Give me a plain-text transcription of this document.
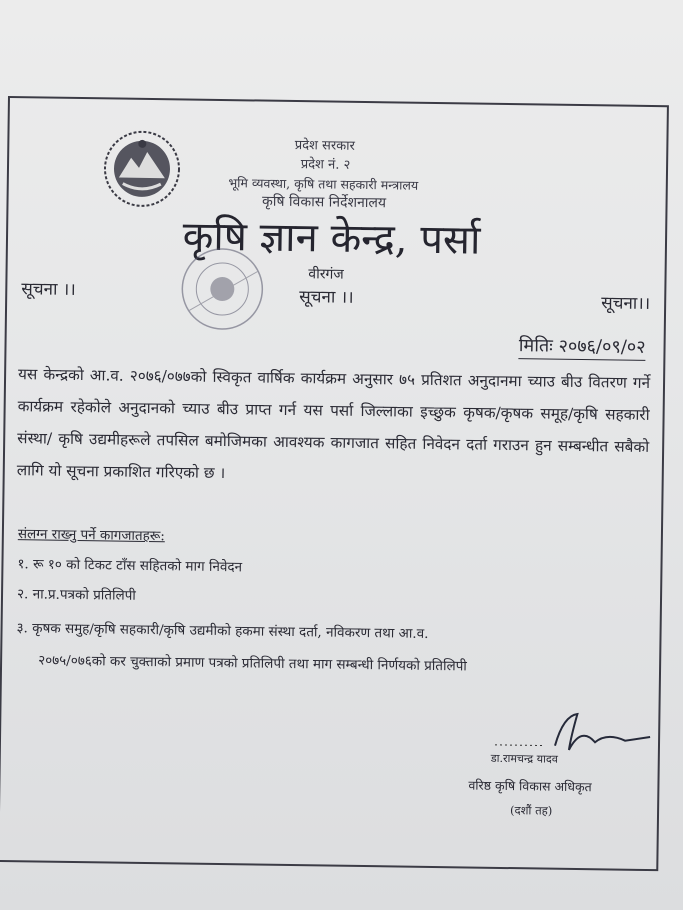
प्रदेश सरकार
प्रदेश नं. २
भूमि व्यवस्था, कृषि तथा सहकारी मन्त्रालय
कृषि विकास निर्देशनालय
कृषि ज्ञान केन्द्र, पर्सा
वीरगंज
सूचना ।।	सूचना ।।	सूचना।।
मितिः २०७६/०९/०२
यस केन्द्रको आ.व. २०७६/०७७को स्विकृत वार्षिक कार्यक्रम अनुसार ७५ प्रतिशत अनुदानमा च्याउ बीउ वितरण गर्ने कार्यक्रम रहेकोले अनुदानको च्याउ बीउ प्राप्त गर्न यस पर्सा जिल्लाका इच्छुक कृषक/कृषक समूह/कृषि सहकारी संस्था/ कृषि उद्यमीहरूले तपसिल बमोजिमका आवश्यक कागजात सहित निवेदन दर्ता गराउन हुन सम्बन्धीत सबैको लागि यो सूचना प्रकाशित गरिएको छ ।
संलग्न राख्नु पर्ने कागजातहरू:
१. रू १० को टिकट टाँस सहितको माग निवेदन
२. ना.प्र.पत्रको प्रतिलिपी
३. कृषक समुह/कृषि सहकारी/कृषि उद्यमीको हकमा संस्था दर्ता, नविकरण तथा आ.व.
२०७५/०७६को कर चुक्ताको प्रमाण पत्रको प्रतिलिपी तथा माग सम्बन्धी निर्णयको प्रतिलिपी
डा.रामचन्द्र यादव
वरिष्ठ कृषि विकास अधिकृत
(दशौं तह)
